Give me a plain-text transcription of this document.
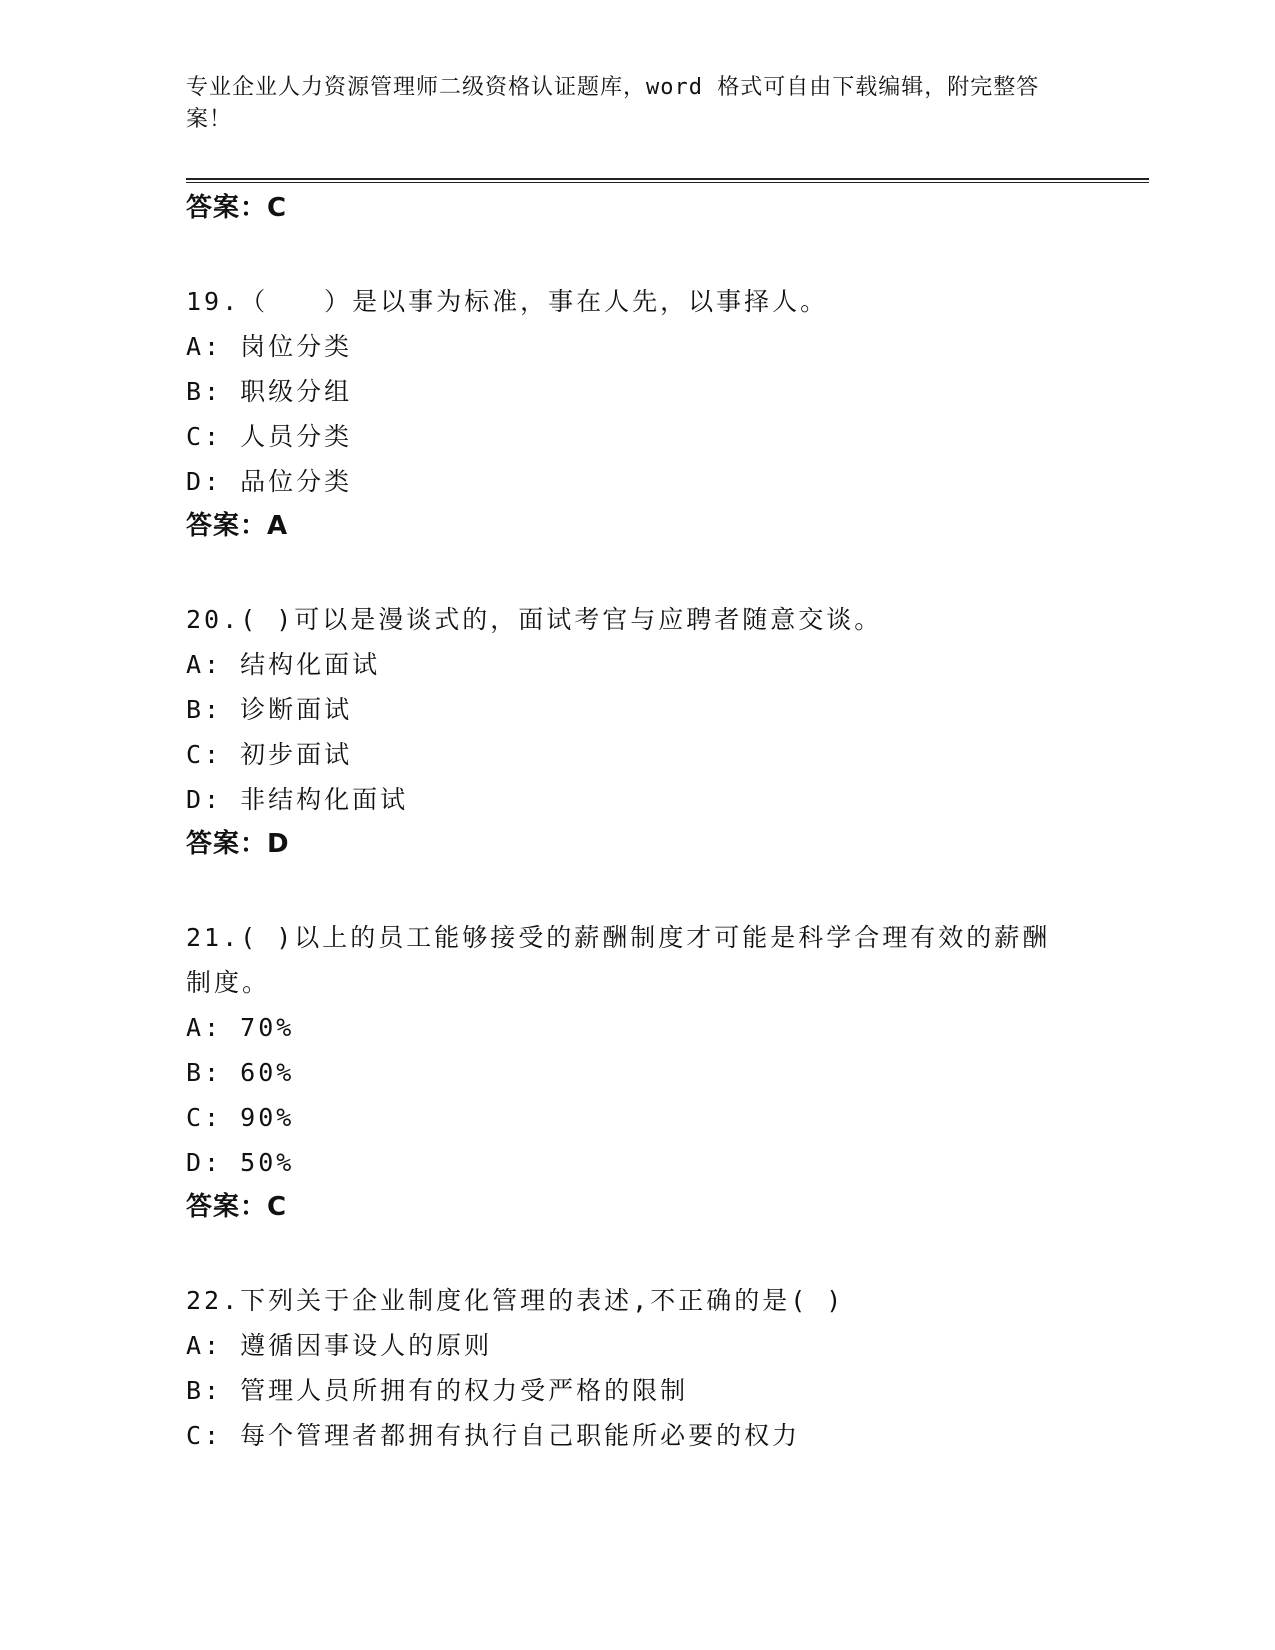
专业企业人力资源管理师二级资格认证题库，word 格式可自由下载编辑，附完整答案！
答案：C
19.（　　）是以事为标准，事在人先，以事择人。
A: 岗位分类
B: 职级分组
C: 人员分类
D: 品位分类
答案：A
20.( )可以是漫谈式的，面试考官与应聘者随意交谈。
A: 结构化面试
B: 诊断面试
C: 初步面试
D: 非结构化面试
答案：D
21.( )以上的员工能够接受的薪酬制度才可能是科学合理有效的薪酬制度。
A: 70%
B: 60%
C: 90%
D: 50%
答案：C
22.下列关于企业制度化管理的表述,不正确的是( )
A: 遵循因事设人的原则
B: 管理人员所拥有的权力受严格的限制
C: 每个管理者都拥有执行自己职能所必要的权力
